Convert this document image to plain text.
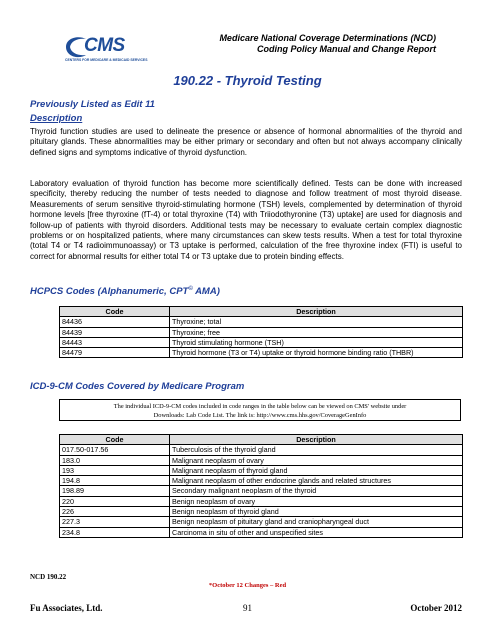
CMS
CENTERS FOR MEDICARE & MEDICAID SERVICES
Medicare National Coverage Determinations (NCD)
Coding Policy Manual and Change Report
190.22 - Thyroid Testing
Previously Listed as Edit 11
Description
Thyroid function studies are used to delineate the presence or absence of hormonal abnormalities of the thyroid and pituitary glands. These abnormalities may be either primary or secondary and often but not always accompany clinically defined signs and symptoms indicative of thyroid dysfunction.
Laboratory evaluation of thyroid function has become more scientifically defined. Tests can be done with increased specificity, thereby reducing the number of tests needed to diagnose and follow treatment of most thyroid disease. Measurements of serum sensitive thyroid-stimulating hormone (TSH) levels, complemented by determination of thyroid hormone levels [free thyroxine (fT-4) or total thyroxine (T4) with Triiodothyronine (T3) uptake] are used for diagnosis and follow-up of patients with thyroid disorders. Additional tests may be necessary to evaluate certain complex diagnostic problems or on hospitalized patients, where many circumstances can skew tests results. When a test for total thyroxine (total T4 or T4 radioimmunoassay) or T3 uptake is performed, calculation of the free thyroxine index (FTI) is useful to correct for abnormal results for either total T4 or T3 uptake due to protein binding effects.
HCPCS Codes (Alphanumeric, CPT© AMA)
Code	Description
84436	Thyroxine; total
84439	Thyroxine; free
84443	Thyroid stimulating hormone (TSH)
84479	Thyroid hormone (T3 or T4) uptake or thyroid hormone binding ratio (THBR)
ICD-9-CM Codes Covered by Medicare Program
The individual ICD-9-CM codes included in code ranges in the table below can be viewed on CMS' website under
Downloads: Lab Code List. The link is: http://www.cms.hhs.gov/CoverageGenInfo
Code	Description
017.50-017.56	Tuberculosis of the thyroid gland
183.0	Malignant neoplasm of ovary
193	Malignant neoplasm of thyroid gland
194.8	Malignant neoplasm of other endocrine glands and related structures
198.89	Secondary malignant neoplasm of the thyroid
220	Benign neoplasm of ovary
226	Benign neoplasm of thyroid gland
227.3	Benign neoplasm of pituitary gland and craniopharyngeal duct
234.8	Carcinoma in situ of other and unspecified sites
NCD 190.22
*October 12 Changes – Red
Fu Associates, Ltd.	91	October 2012
